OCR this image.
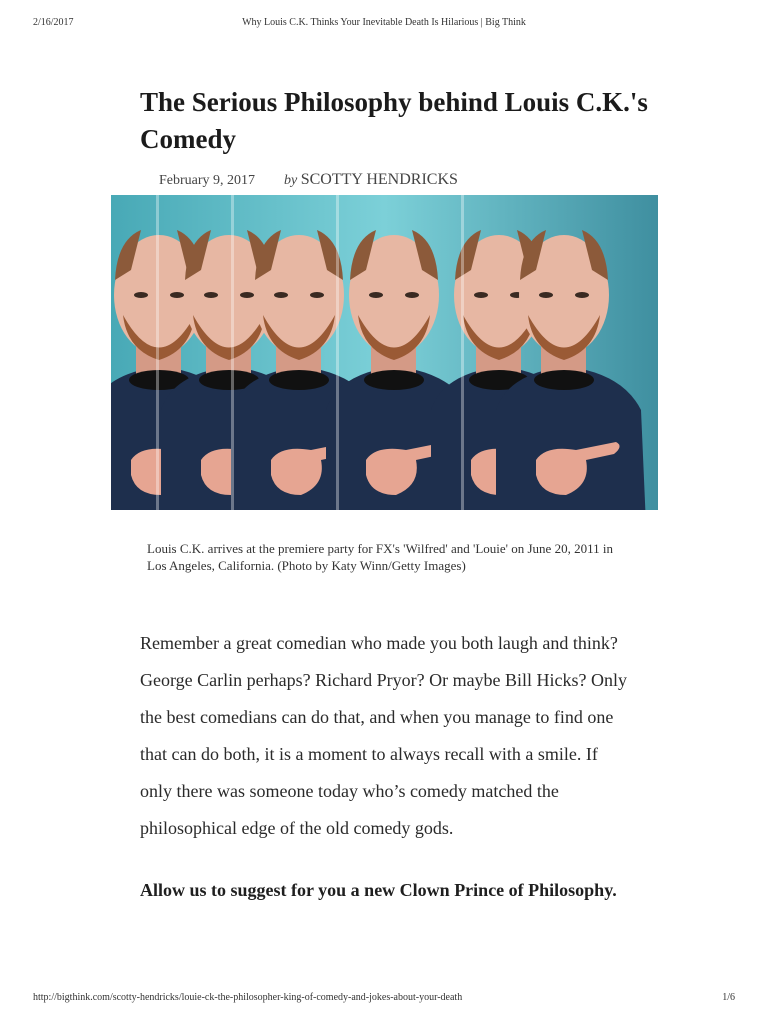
2/16/2017	Why Louis C.K. Thinks Your Inevitable Death Is Hilarious | Big Think
The Serious Philosophy behind Louis C.K.'s Comedy
February 9, 2017 by SCOTTY HENDRICKS
Louis C.K. arrives at the premiere party for FX's 'Wilfred' and 'Louie' on June 20, 2011 in Los Angeles, California. (Photo by Katy Winn/Getty Images)

Remember a great comedian who made you both laugh and think? George Carlin perhaps? Richard Pryor? Or maybe Bill Hicks? Only the best comedians can do that, and when you manage to find one that can do both, it is a moment to always recall with a smile. If only there was someone today who’s comedy matched the philosophical edge of the old comedy gods.

Allow us to suggest for you a new Clown Prince of Philosophy.

http://bigthink.com/scotty-hendricks/louie-ck-the-philosopher-king-of-comedy-and-jokes-about-your-death	1/6
